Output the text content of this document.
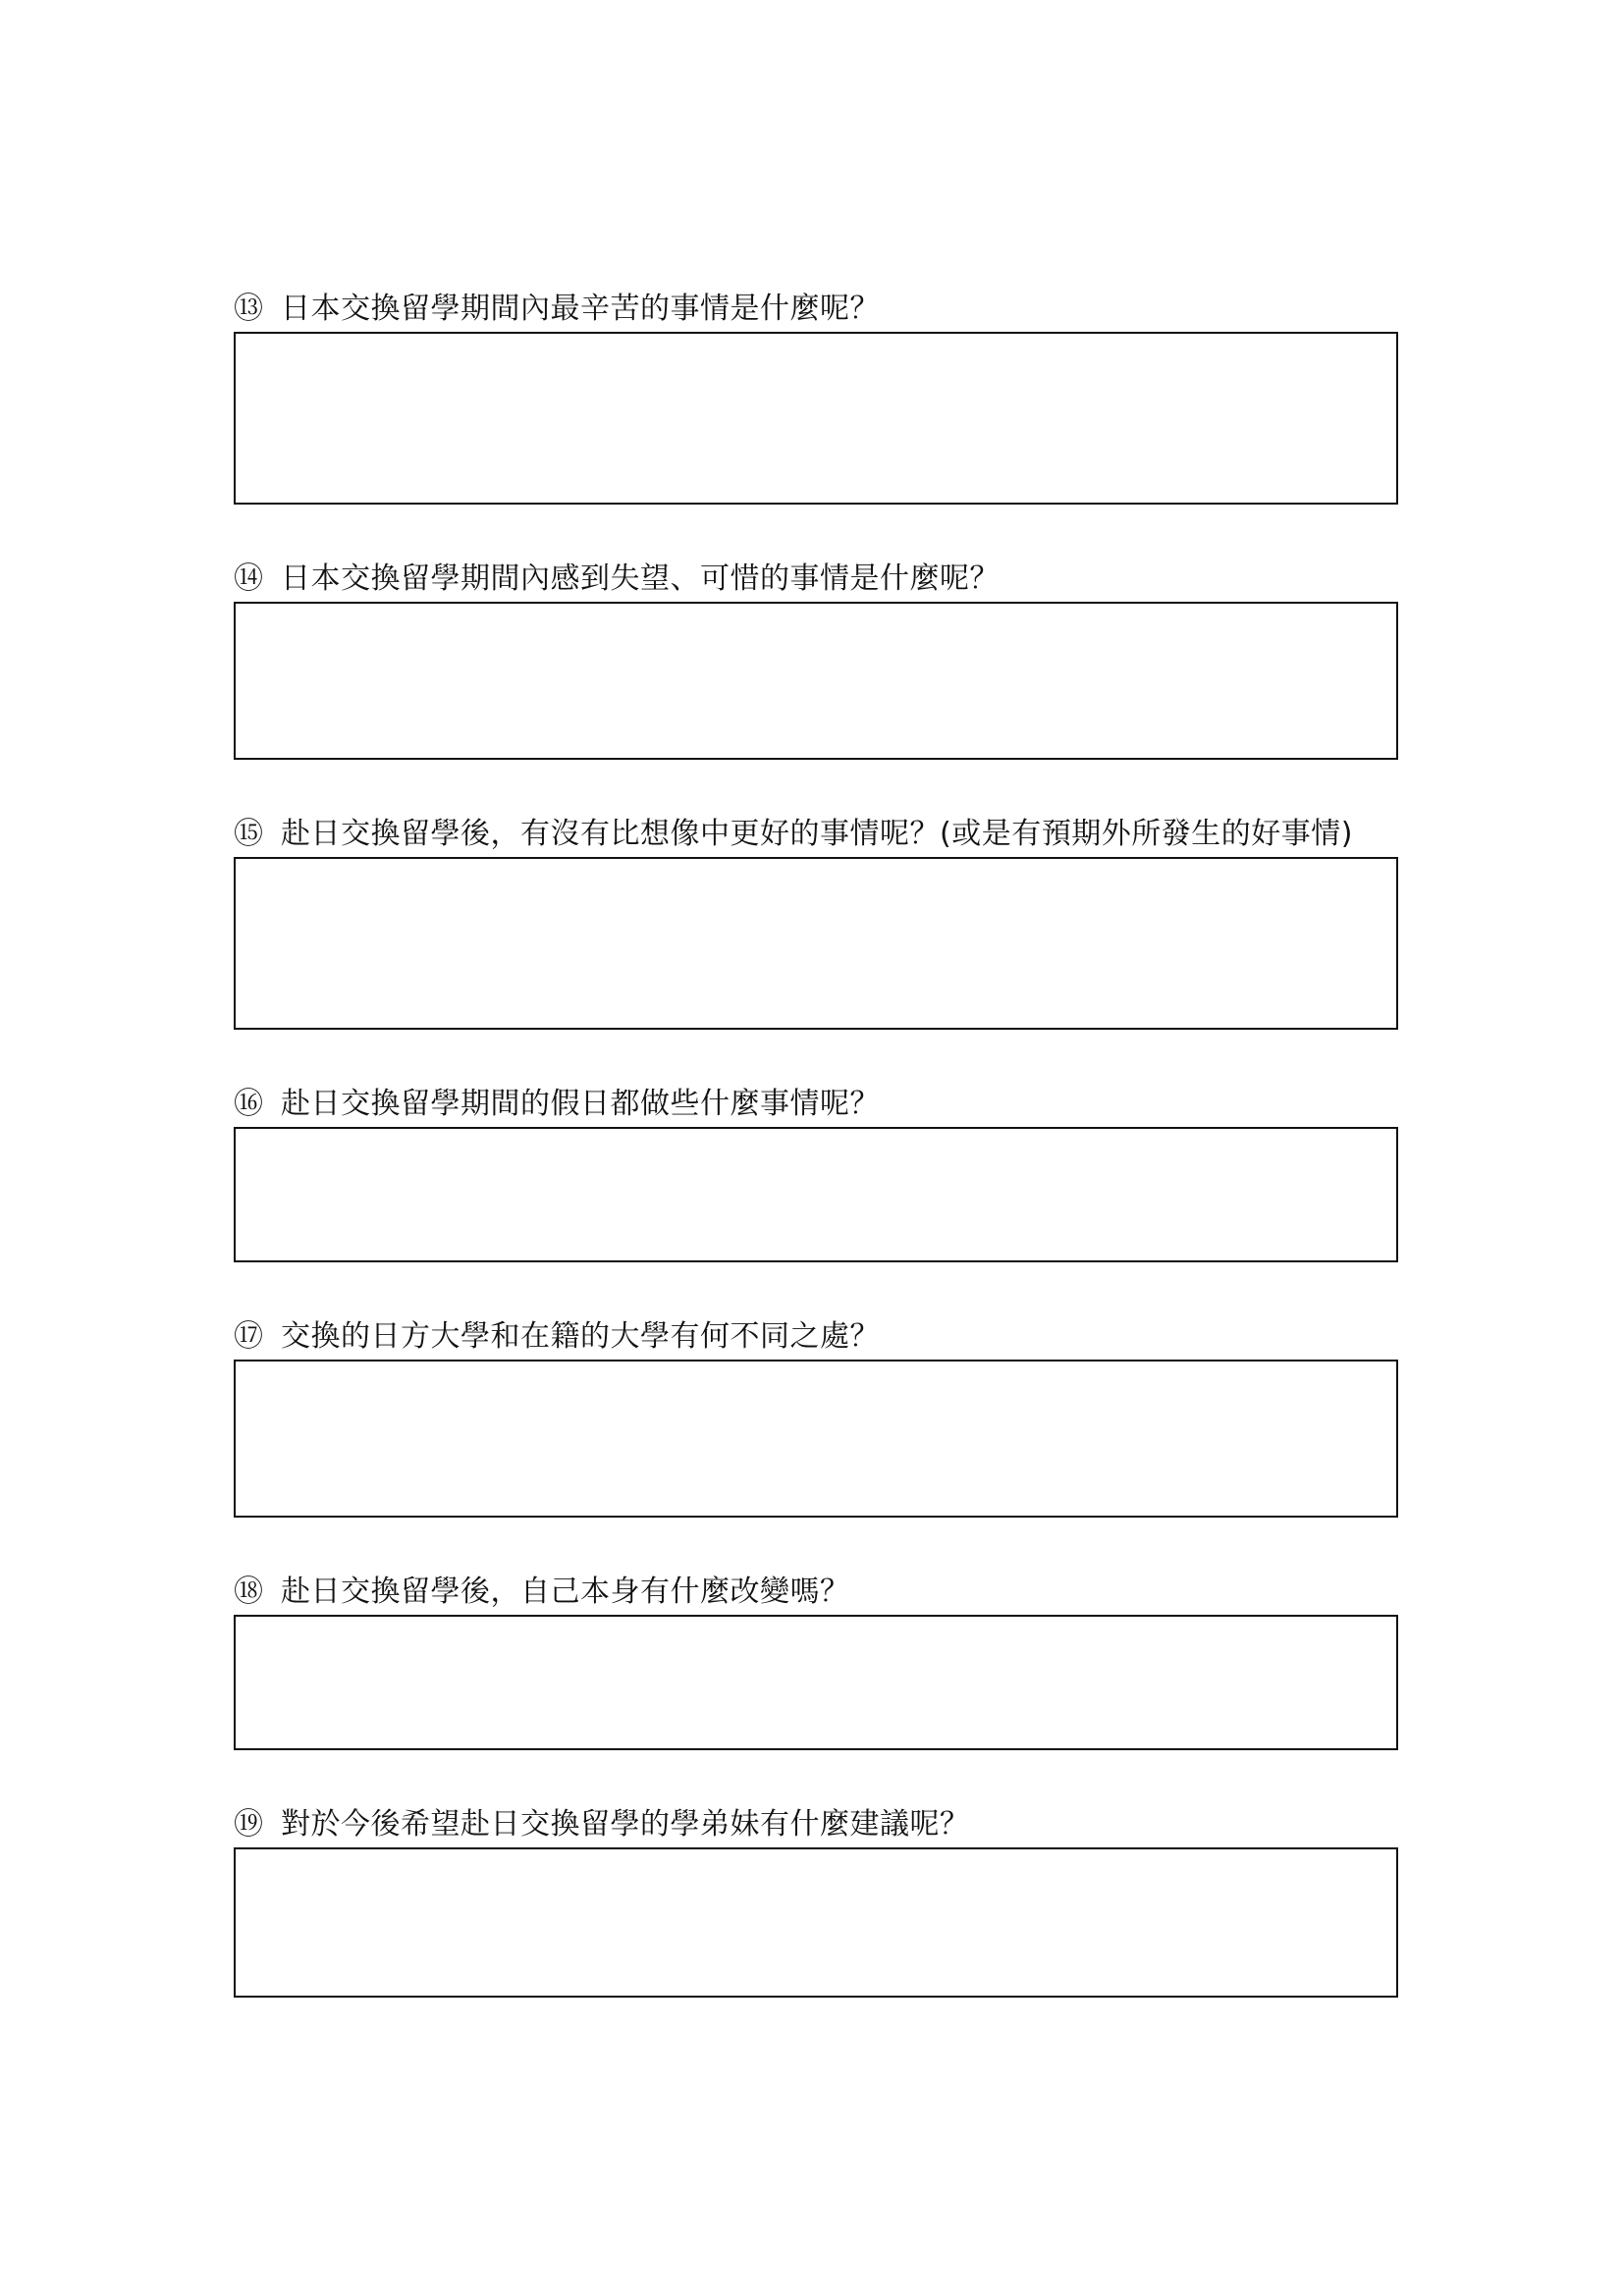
⑬ 日本交換留學期間內最辛苦的事情是什麼呢？
⑭ 日本交換留學期間內感到失望、可惜的事情是什麼呢？
⑮ 赴日交換留學後，有沒有比想像中更好的事情呢？(或是有預期外所發生的好事情)
⑯ 赴日交換留學期間的假日都做些什麼事情呢？
⑰ 交換的日方大學和在籍的大學有何不同之處？
⑱ 赴日交換留學後，自己本身有什麼改變嗎？
⑲ 對於今後希望赴日交換留學的學弟妹有什麼建議呢？
